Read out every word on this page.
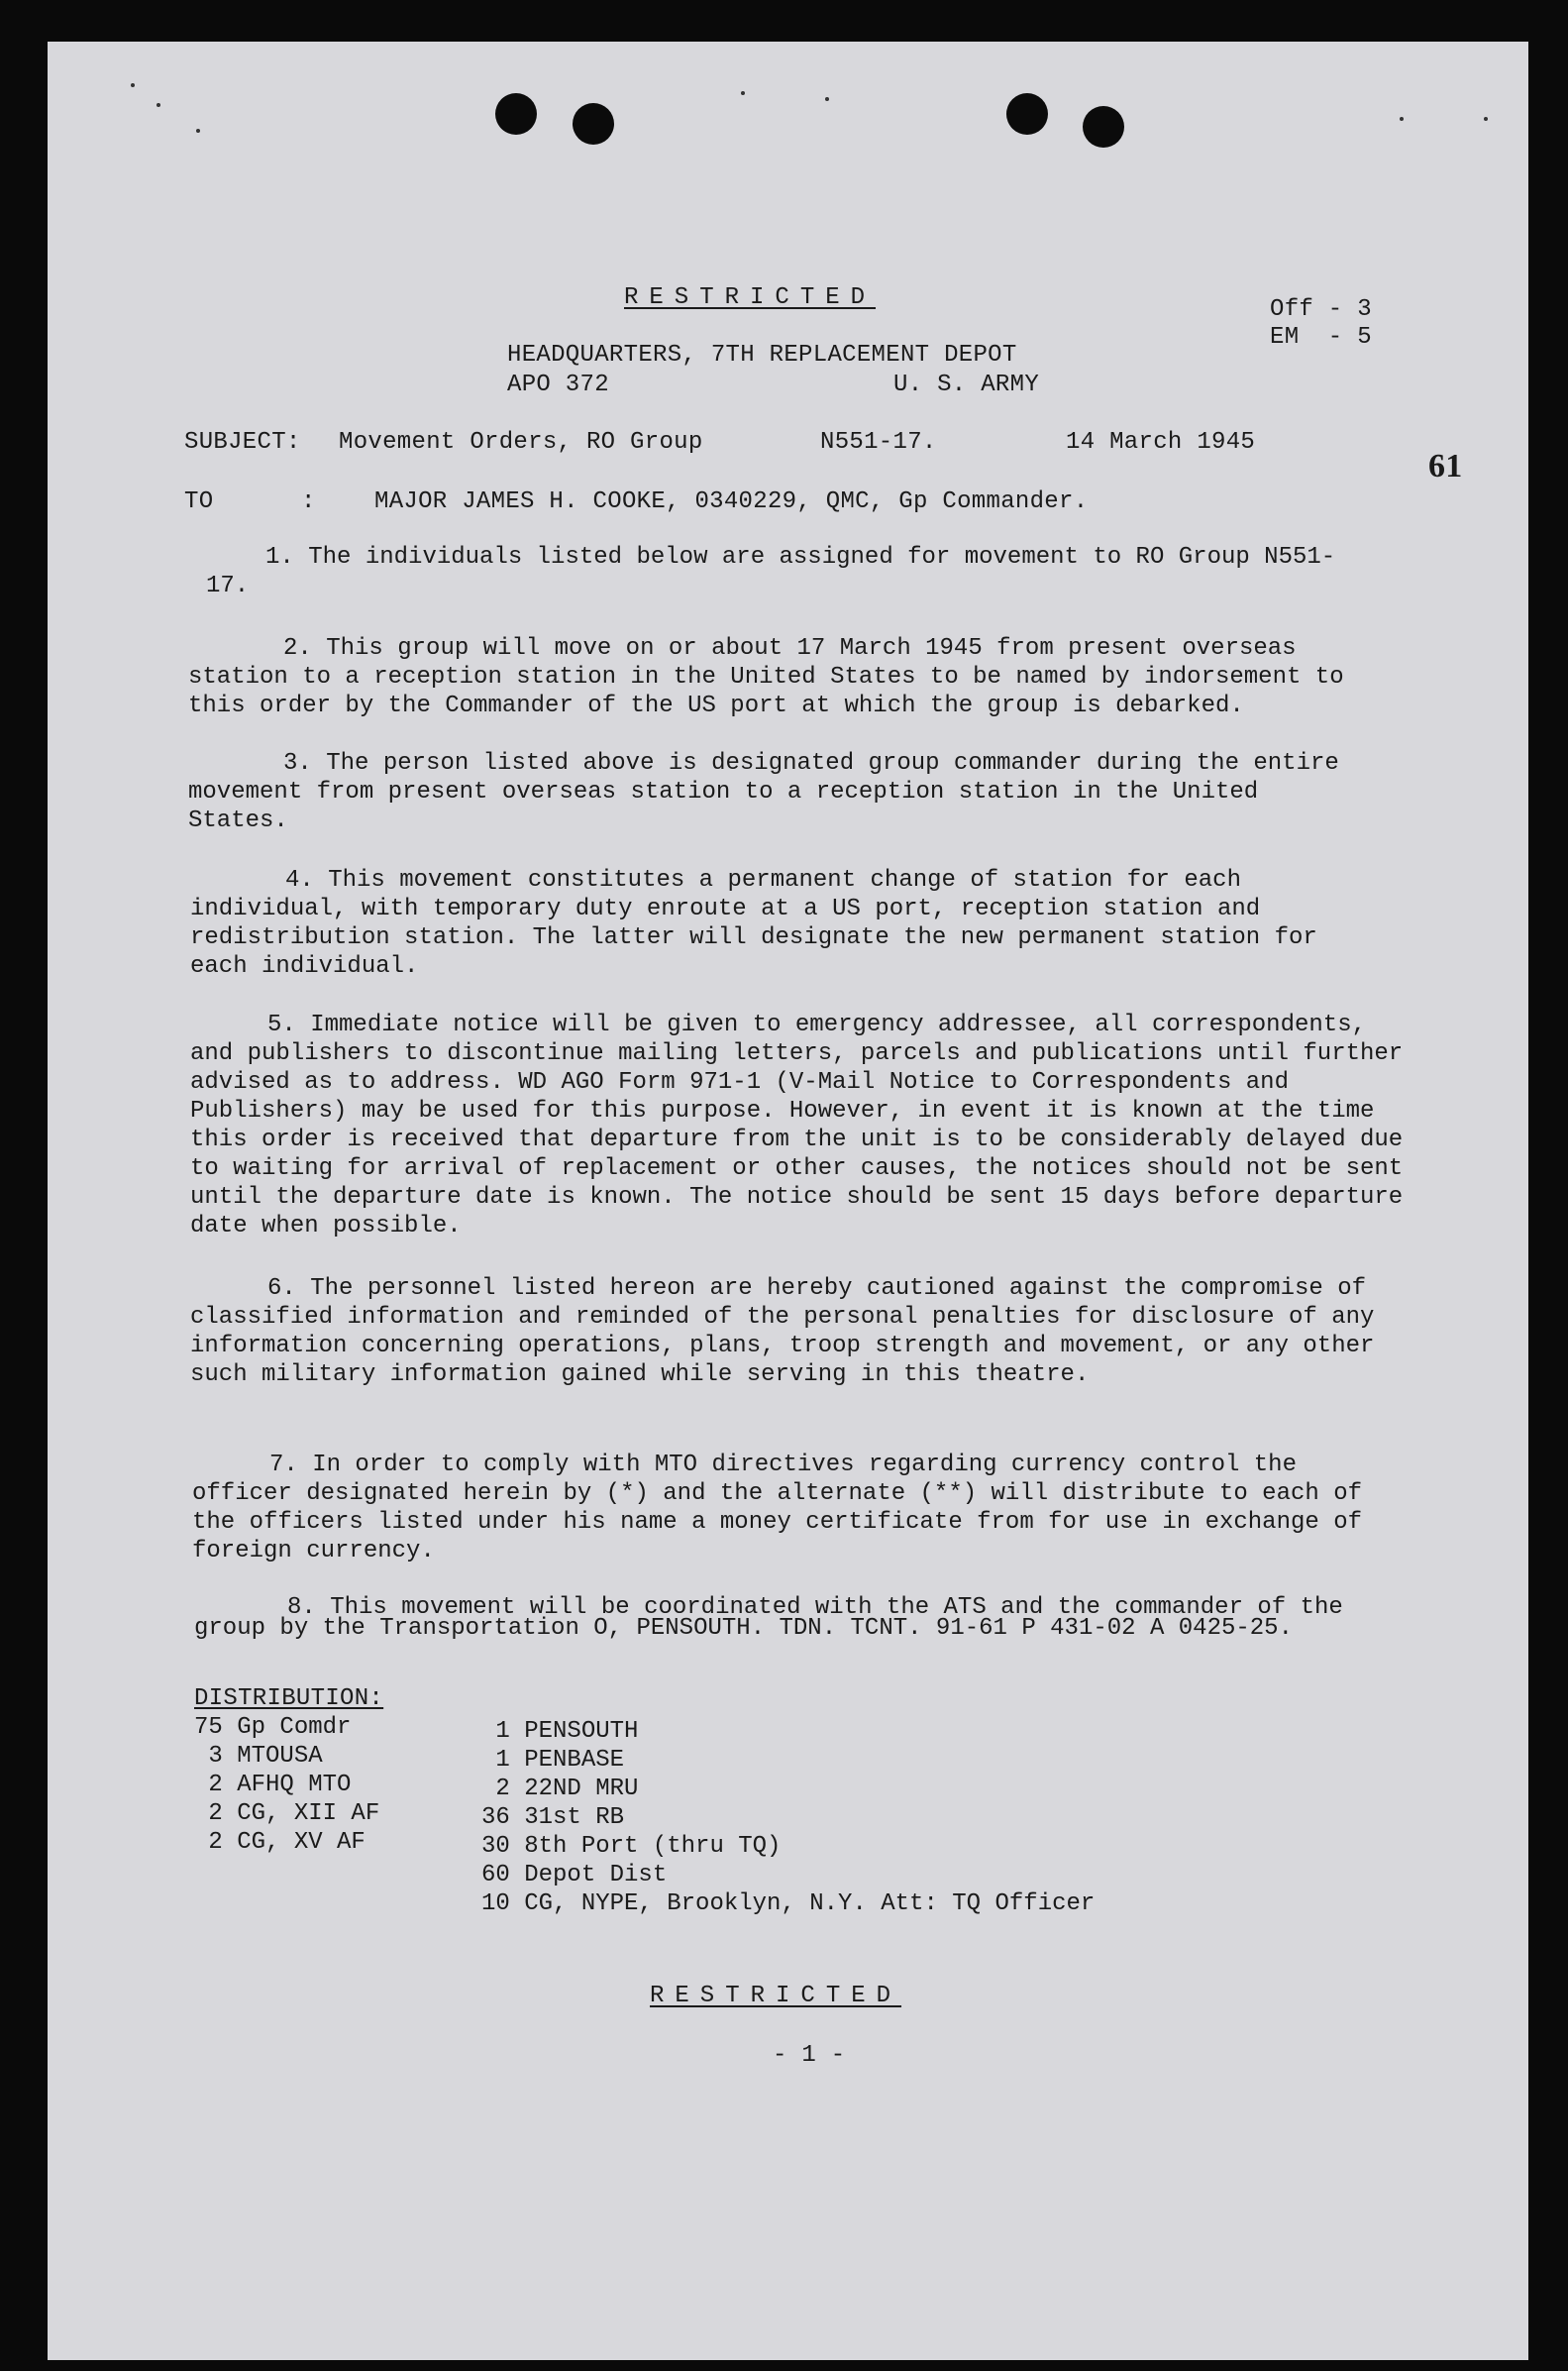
RESTRICTED
HEADQUARTERS, 7TH REPLACEMENT DEPOT
APO 372	U. S. ARMY
Off - 3
EM  - 5
61
SUBJECT: Movement Orders, RO Group	N551-17.	14 March 1945
TO	: MAJOR JAMES H. COOKE, 0340229, QMC, Gp Commander.
1. The individuals listed below are assigned for movement to RO Group N551-17.
2. This group will move on or about 17 March 1945 from present overseas station to a reception station in the United States to be named by indorsement to this order by the Commander of the US port at which the group is debarked.
3. The person listed above is designated group commander during the entire movement from present overseas station to a reception station in the United States.
4. This movement constitutes a permanent change of station for each individual, with temporary duty enroute at a US port, reception station and redistribution station. The latter will designate the new permanent station for each individual.
5. Immediate notice will be given to emergency addressee, all correspondents, and publishers to discontinue mailing letters, parcels and publications until further advised as to address. WD AGO Form 971-1 (V-Mail Notice to Correspondents and Publishers) may be used for this purpose. However, in event it is known at the time this order is received that departure from the unit is to be considerably delayed due to waiting for arrival of replacement or other causes, the notices should not be sent until the departure date is known. The notice should be sent 15 days before departure date when possible.
6. The personnel listed hereon are hereby cautioned against the compromise of classified information and reminded of the personal penalties for disclosure of any information concerning operations, plans, troop strength and movement, or any other such military information gained while serving in this theatre.
7. In order to comply with MTO directives regarding currency control the officer designated herein by (*) and the alternate (**) will distribute to each of the officers listed under his name a money certificate from for use in exchange of foreign currency.
8. This movement will be coordinated with the ATS and the commander of the group by the Transportation O, PENSOUTH. TDN. TCNT. 91-61 P 431-02 A 0425-25.
DISTRIBUTION:
75 Gp Comdr
3 MTOUSA
2 AFHQ MTO
2 CG, XII AF
2 CG, XV AF
1 PENSOUTH
1 PENBASE
2 22ND MRU
36 31st RB
30 8th Port (thru TQ)
60 Depot Dist
10 CG, NYPE, Brooklyn, N.Y. Att: TQ Officer
RESTRICTED
- 1 -
